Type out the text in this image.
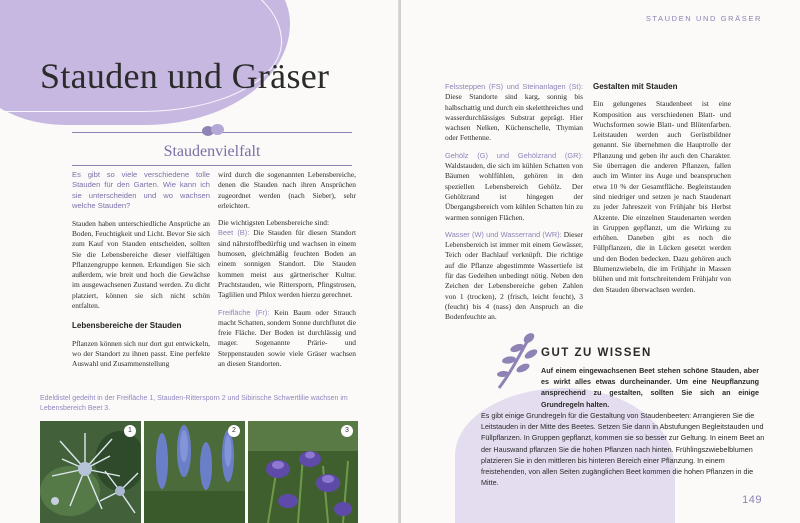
Stauden und Gräser
Staudenvielfalt

Es gibt so viele verschiedene tolle Stauden für den Garten. Wie kann ich sie unterscheiden und wo wachsen welche Stauden?

Stauden haben unterschiedliche Ansprüche an Boden, Feuchtigkeit und Licht. Bevor Sie sich zum Kauf von Stauden entscheiden, sollten Sie die Lebensbereiche dieser vielfältigen Pflanzengruppe kennen. Erkundigen Sie sich außerdem, wie breit und hoch die Gewächse im ausgewachsenen Zustand werden. Zu dicht platziert, können sie sich nicht schön entfalten.

Lebensbereiche der Stauden

Pflanzen können sich nur dort gut entwickeln, wo der Standort zu ihnen passt. Eine perfekte Auswahl und Zusammenstellung

wird durch die sogenannten Lebensbereiche, denen die Stauden nach ihren Ansprüchen zugeordnet werden (nach Sieber), sehr erleichtert.

Die wichtigsten Lebensbereiche sind:

Beet (B): Die Stauden für diesen Standort sind nährstoffbedürftig und wachsen in einem humosen, gleichmäßig feuchten Boden an einem sonnigen Standort. Die Stauden kommen meist aus gärtnerischer Kultur. Prachtstauden, wie Rittersporn, Pfingstrosen, Taglilien und Phlox werden hierzu gerechnet.

Freifläche (Fr): Kein Baum oder Strauch macht Schatten, sondern Sonne durchflutet die freie Fläche. Der Boden ist durchlässig und mager. Sogenannte Prärie- und Steppenstauden sowie viele Gräser wachsen an diesen Standorten.

Edeldistel gedeiht in der Freifläche 1, Stauden-Rittersporn 2 und Sibirische Schwertlilie wachsen im Lebensbereich Beet 3.
1	2	3
STAUDEN UND GRÄSER

Felssteppen (FS) und Steinanlagen (St): Diese Standorte sind karg, sonnig bis halbschattig und durch ein skeletthreiches und wasserdurchlässiges Substrat geprägt. Hier wachsen Nelken, Küchenschelle, Thymian oder Fetthenne.

Gehölz (G) und Gehölzrand (GR): Waldstauden, die sich im kühlen Schatten von Bäumen wohlfühlen, gehören in den speziellen Lebensbereich Gehölz. Der Gehölzrand ist hingegen der Übergangsbereich vom kühlen Schatten hin zu warmen sonnigen Flächen.

Wasser (W) und Wasserrand (WR): Dieser Lebensbereich ist immer mit einem Gewässer, Teich oder Bachlauf verknüpft. Die richtige auf die Pflanze abgestimmte Wassertiefe ist für das Gedeihen unbedingt nötig. Neben den Zeichen der Lebensbereiche geben Zahlen von 1 (trocken), 2 (frisch, leicht feucht), 3 (feucht) bis 4 (nass) den Anspruch an die Bodenfeuchte an.

Gestalten mit Stauden

Ein gelungenes Staudenbeet ist eine Komposition aus verschiedenen Blatt- und Wuchsformen sowie Blatt- und Blütenfarben. Leitstauden werden auch Gerüstbildner genannt. Sie übernehmen die Hauptrolle der Pflanzung und geben ihr auch den Charakter. Sie überragen die anderen Pflanzen, fallen auch im Winter ins Auge und beanspruchen etwa 10 % der Gesamtfläche. Begleitstauden sind niedriger und setzen je nach Staudenart zu jeder Jahreszeit von Frühjahr bis Herbst Akzente. Die einzelnen Staudenarten werden in Gruppen gepflanzt, um die Wirkung zu erhöhen. Daneben gibt es noch die Füllpflanzen, die in Lücken gesetzt werden und den Boden bedecken. Dazu gehören auch Blumenzwiebeln, die im Frühjahr in Massen blühen und mit fortschreitendem Frühjahr von den Stauden überwachsen werden.

GUT ZU WISSEN
Auf einem eingewachsenen Beet stehen schöne Stauden, aber es wirkt alles etwas durcheinander. Um eine Neupflanzung ansprechend zu gestalten, sollten Sie sich an einige Grundregeln halten.
Es gibt einige Grundregeln für die Gestaltung von Staudenbeeten: Arrangieren Sie die Leitstauden in der Mitte des Beetes. Setzen Sie dann in Abstufungen Begleitstauden und Füllpflanzen. In Gruppen gepflanzt, kommen sie so besser zur Geltung. In einem Beet an der Hauswand pflanzen Sie die hohen Pflanzen nach hinten. Frühlingszwiebelblumen platzieren Sie in den mittleren bis hinteren Bereich einer Pflanzung. In einem freistehenden, von allen Seiten zugänglichen Beet kommen die hohen Pflanzen in die Mitte.
149
